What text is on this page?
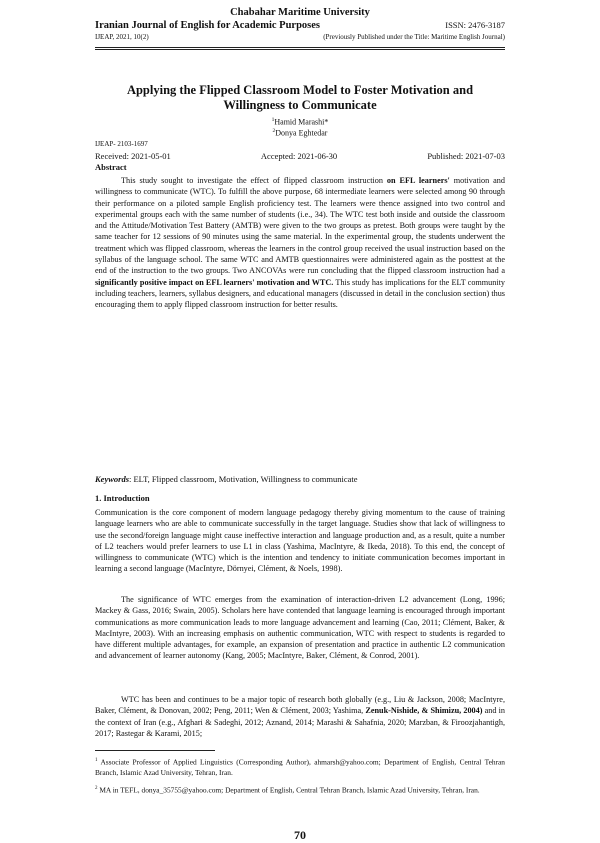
Chabahar Maritime University
Iranian Journal of English for Academic Purposes	ISSN: 2476-3187
IJEAP, 2021, 10(2)	(Previously Published under the Title: Maritime English Journal)
Applying the Flipped Classroom Model to Foster Motivation and Willingness to Communicate
$^1$Hamid Marashi*
$^2$Donya Eghtedar
IJEAP- 2103-1697
Received: 2021-05-01	Accepted: 2021-06-30	Published: 2021-07-03
Abstract
This study sought to investigate the effect of flipped classroom instruction on EFL learners' motivation and willingness to communicate (WTC). To fulfill the above purpose, 68 intermediate learners were selected among 90 through their performance on a piloted sample English proficiency test. The learners were thence assigned into two control and experimental groups each with the same number of students (i.e., 34). The WTC test both inside and outside the classroom and the Attitude/Motivation Test Battery (AMTB) were given to the two groups as pretest. Both groups were taught by the same teacher for 12 sessions of 90 minutes using the same material. In the experimental group, the students underwent the treatment which was flipped classroom, whereas the learners in the control group received the usual instruction based on the syllabus of the language school. The same WTC and AMTB questionnaires were administered again as the posttest at the end of the instruction to the two groups. Two ANCOVAs were run concluding that the flipped classroom instruction had a significantly positive impact on EFL learners' motivation and WTC. This study has implications for the ELT community including teachers, learners, syllabus designers, and educational managers (discussed in detail in the conclusion section) thus encouraging them to apply flipped classroom instruction for better results.
Keywords: ELT, Flipped classroom, Motivation, Willingness to communicate
1. Introduction
Communication is the core component of modern language pedagogy thereby giving momentum to the cause of training language learners who are able to communicate successfully in the target language. Studies show that lack of willingness to use the second/foreign language might cause ineffective interaction and language production and, as a result, quite a number of L2 teachers would prefer learners to use L1 in class (Yashima, MacIntyre, & Ikeda, 2018). To this end, the concept of willingness to communicate (WTC) which is the intention and tendency to initiate communication becomes important in learning a second language (MacIntyre, Dörnyei, Clément, & Noels, 1998).
The significance of WTC emerges from the examination of interaction-driven L2 advancement (Long, 1996; Mackey & Gass, 2016; Swain, 2005). Scholars here have contended that language learning is encouraged through important communications as more communication leads to more language advancement and learning (Cao, 2011; Clément, Baker, & MacIntyre, 2003). With an increasing emphasis on authentic communication, WTC with respect to students is regarded to have different multiple advantages, for example, an expansion of presentation and practice in authentic L2 communication and advancement of learner autonomy (Kang, 2005; MacIntyre, Baker, Clément, & Conrod, 2001).
WTC has been and continues to be a major topic of research both globally (e.g., Liu & Jackson, 2008; MacIntyre, Baker, Clément, & Donovan, 2002; Peng, 2011; Wen & Clément, 2003; Yashima, Zenuk-Nishide, & Shimizu, 2004) and in the context of Iran (e.g., Afghari & Sadeghi, 2012; Aznand, 2014; Marashi & Sahafnia, 2020; Marzban, & Firoozjahantigh, 2017; Rastegar & Karami, 2015;
$^1$ Associate Professor of Applied Linguistics (Corresponding Author), ahmarsh@yahoo.com; Department of English, Central Tehran Branch, Islamic Azad University, Tehran, Iran.
$^2$ MA in TEFL, donya_35755@yahoo.com; Department of English, Central Tehran Branch, Islamic Azad University, Tehran, Iran.
70
